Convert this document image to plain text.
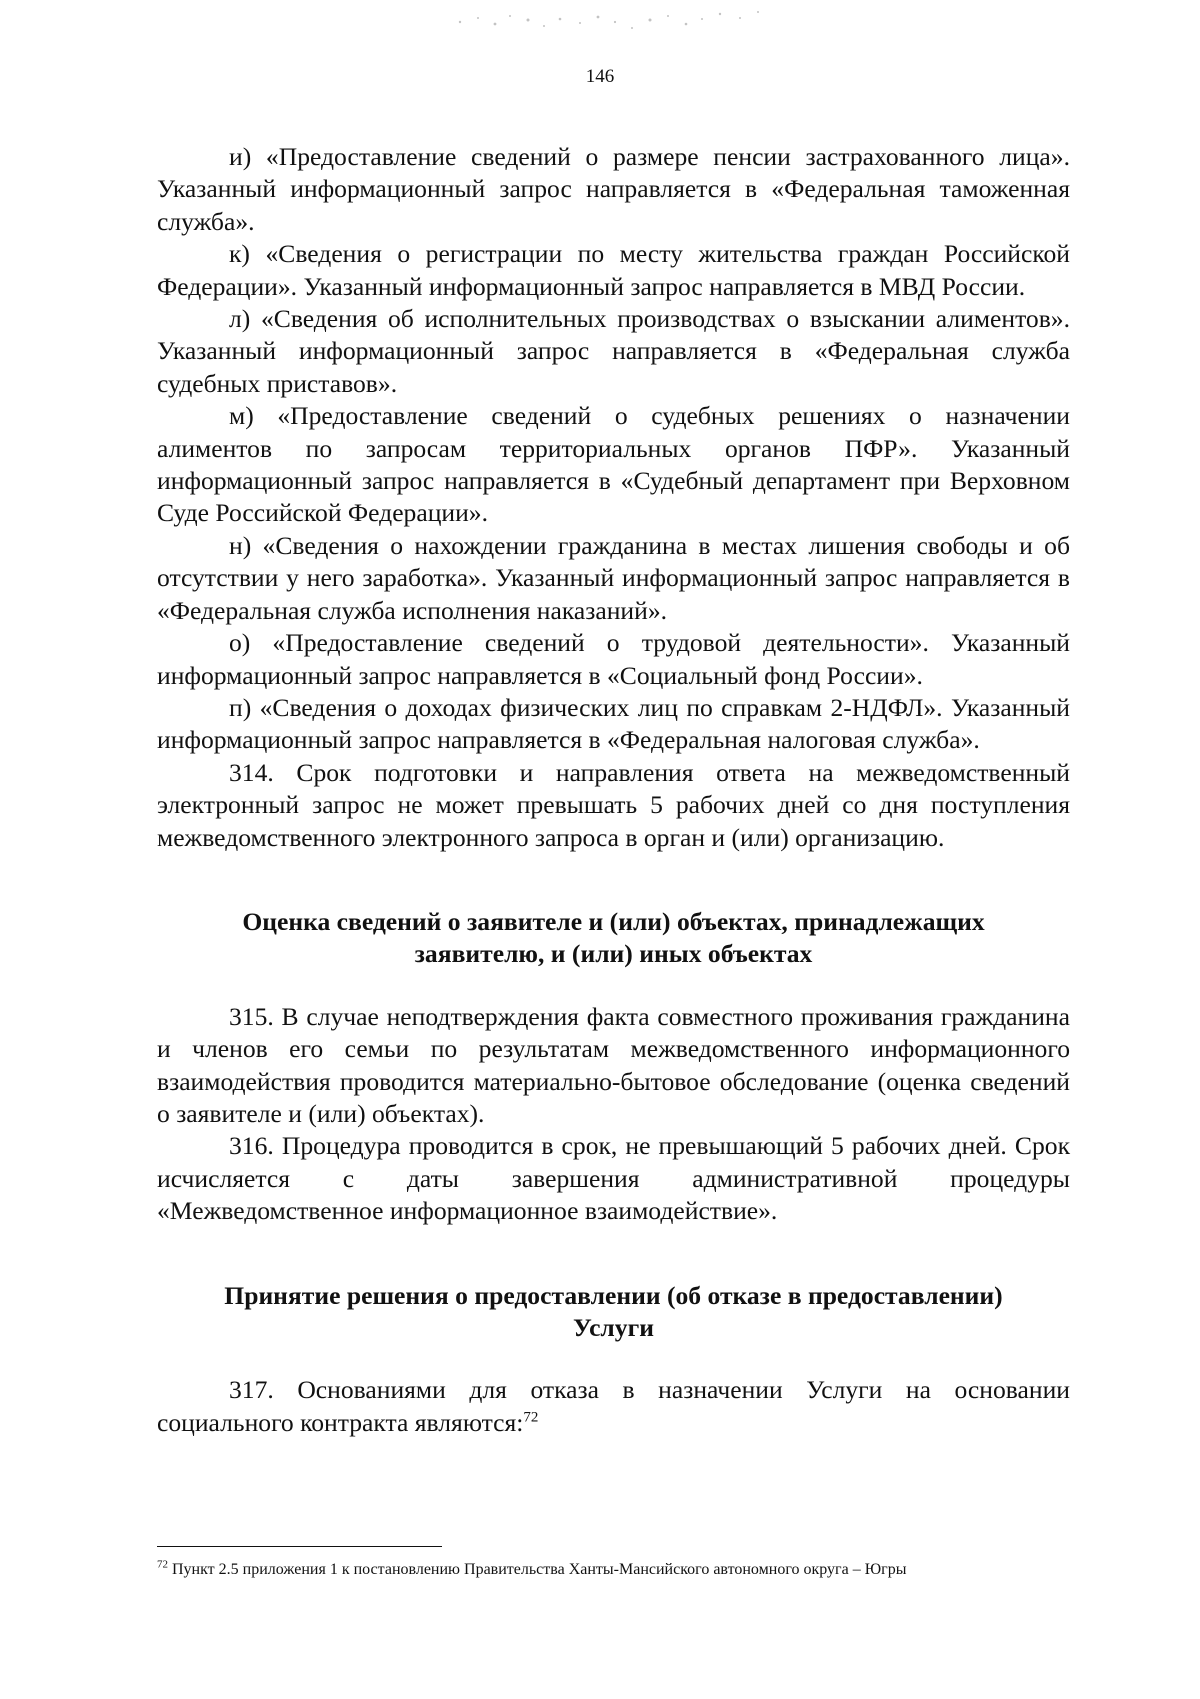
146

и) «Предоставление сведений о размере пенсии застрахованного лица». Указанный информационный запрос направляется в «Федеральная таможенная служба».

к) «Сведения о регистрации по месту жительства граждан Российской Федерации». Указанный информационный запрос направляется в МВД России.

л) «Сведения об исполнительных производствах о взыскании алиментов». Указанный информационный запрос направляется в «Федеральная служба судебных приставов».

м) «Предоставление сведений о судебных решениях о назначении алиментов по запросам территориальных органов ПФР». Указанный информационный запрос направляется в «Судебный департамент при Верховном Суде Российской Федерации».

н) «Сведения о нахождении гражданина в местах лишения свободы и об отсутствии у него заработка». Указанный информационный запрос направляется в «Федеральная служба исполнения наказаний».

о) «Предоставление сведений о трудовой деятельности». Указанный информационный запрос направляется в «Социальный фонд России».

п) «Сведения о доходах физических лиц по справкам 2-НДФЛ». Указанный информационный запрос направляется в «Федеральная налоговая служба».

314. Срок подготовки и направления ответа на межведомственный электронный запрос не может превышать 5 рабочих дней со дня поступления межведомственного электронного запроса в орган и (или) организацию.

Оценка сведений о заявителе и (или) объектах, принадлежащих
заявителю, и (или) иных объектах

315. В случае неподтверждения факта совместного проживания гражданина и членов его семьи по результатам межведомственного информационного взаимодействия проводится материально-бытовое обследование (оценка сведений о заявителе и (или) объектах).

316. Процедура проводится в срок, не превышающий 5 рабочих дней. Срок исчисляется с даты завершения административной процедуры «Межведомственное информационное взаимодействие».

Принятие решения о предоставлении (об отказе в предоставлении)
Услуги

317. Основаниями для отказа в назначении Услуги на основании социального контракта являются:$^{72}$

$^{72}$ Пункт 2.5 приложения 1 к постановлению Правительства Ханты-Мансийского автономного округа – Югры
